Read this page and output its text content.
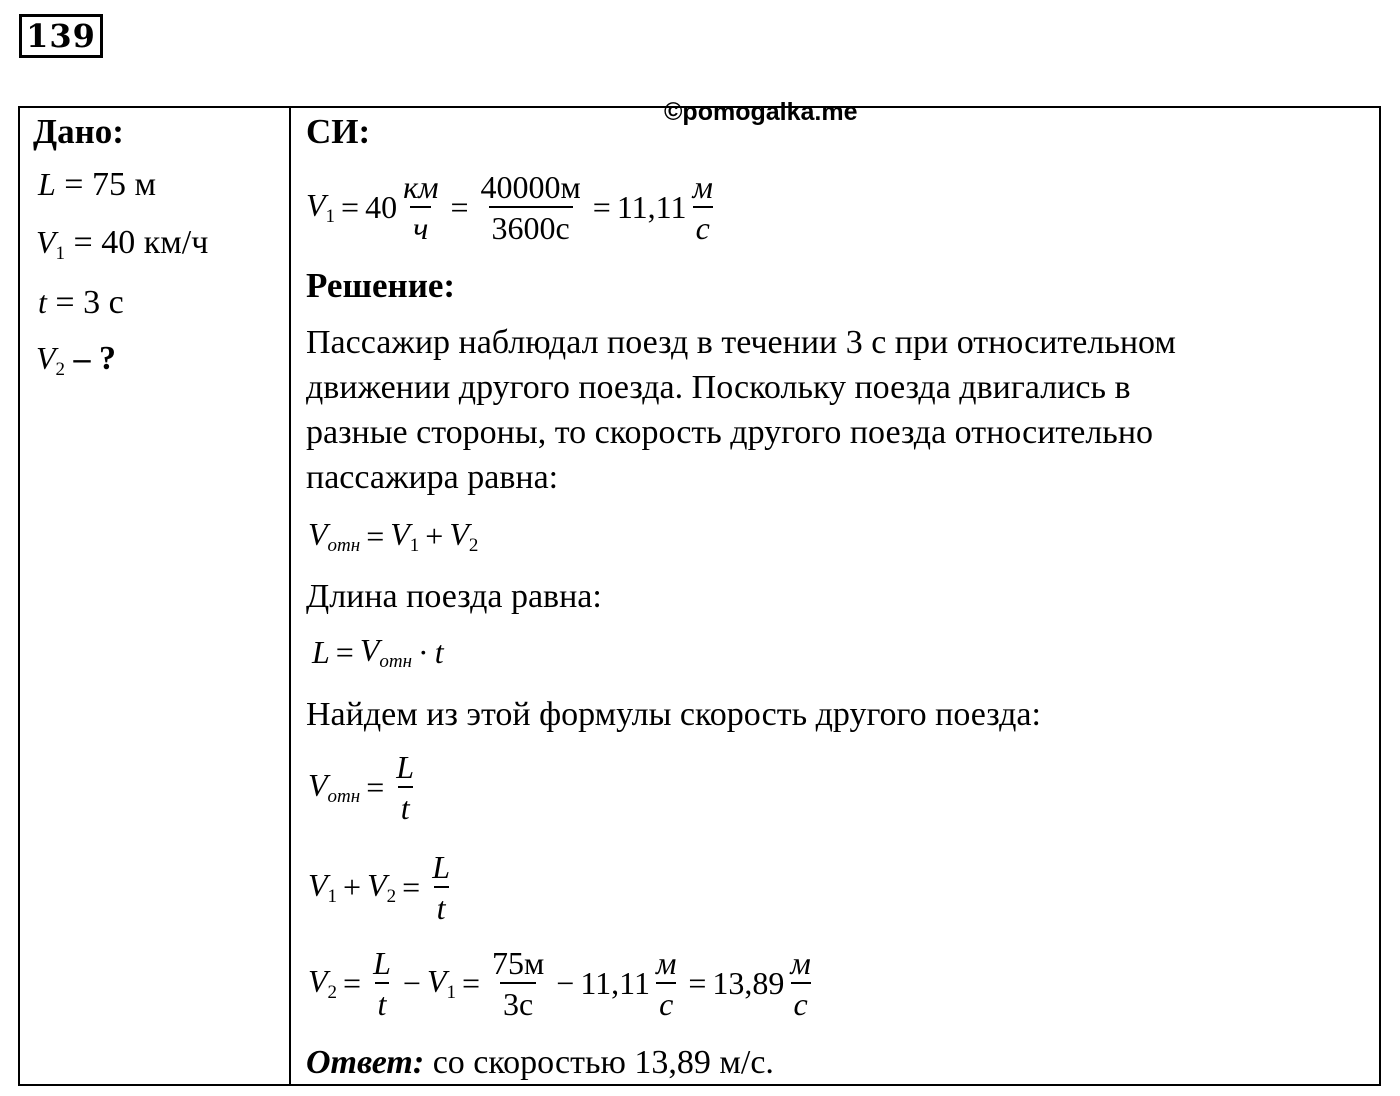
139
©pomogalka.me
Дано:
L = 75 м
$V_1 = 40$ км/ч
t = 3 с
$V_2$ – ?
СИ:
$V_1 = 40 \frac{км}{ч} = \frac{40000м}{3600с} = 11,11 \frac{м}{с}$
Решение:
Пассажир наблюдал поезд в течении 3 с при относительном
движении другого поезда. Поскольку поезда двигались в
разные стороны, то скорость другого поезда относительно
пассажира равна:
$V_{отн} = V_1 + V_2$
Длина поезда равна:
$L = V_{отн} \cdot t$
Найдем из этой формулы скорость другого поезда:
$V_{отн} = \frac{L}{t}$
$V_1 + V_2 = \frac{L}{t}$
$V_2 = \frac{L}{t} - V_1 = \frac{75м}{3с} - 11,11 \frac{м}{с} = 13,89 \frac{м}{с}$
Ответ: со скоростью 13,89 м/с.
